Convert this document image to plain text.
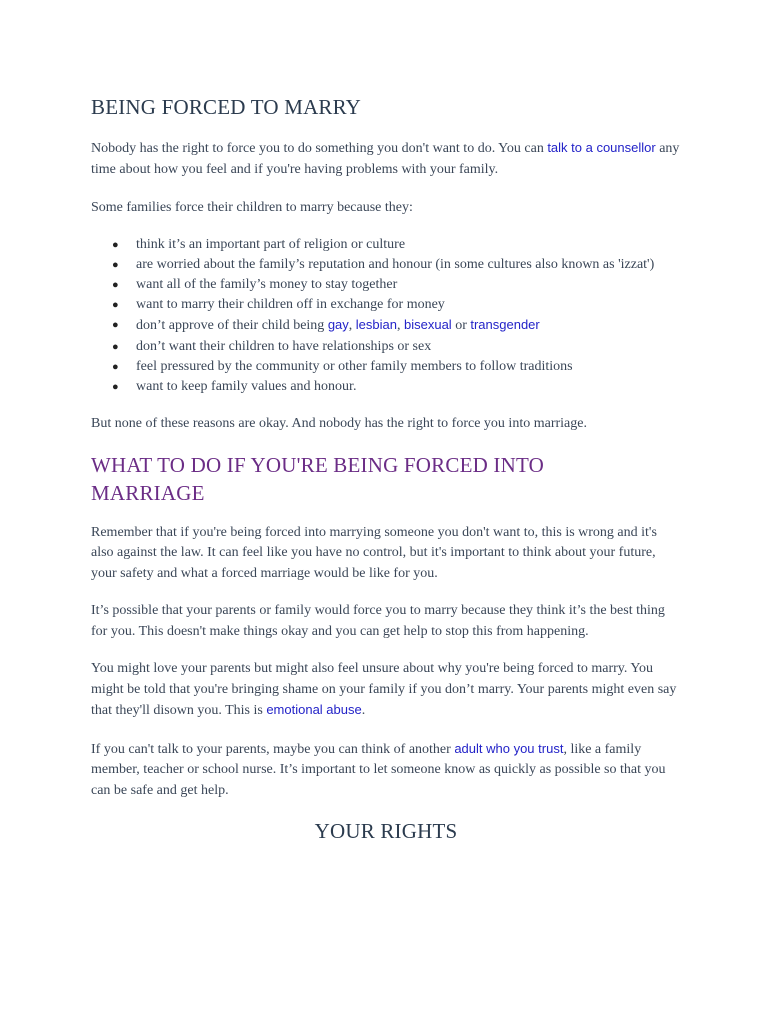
BEING FORCED TO MARRY

Nobody has the right to force you to do something you don't want to do. You can talk to a counsellor any time about how you feel and if you're having problems with your family.

Some families force their children to marry because they:

● think it’s an important part of religion or culture
● are worried about the family’s reputation and honour (in some cultures also known as 'izzat')
● want all of the family’s money to stay together
● want to marry their children off in exchange for money
● don’t approve of their child being gay, lesbian, bisexual or transgender
● don’t want their children to have relationships or sex
● feel pressured by the community or other family members to follow traditions
● want to keep family values and honour.

But none of these reasons are okay. And nobody has the right to force you into marriage.

WHAT TO DO IF YOU'RE BEING FORCED INTO MARRIAGE

Remember that if you're being forced into marrying someone you don't want to, this is wrong and it's also against the law. It can feel like you have no control, but it's important to think about your future, your safety and what a forced marriage would be like for you.

It’s possible that your parents or family would force you to marry because they think it’s the best thing for you. This doesn't make things okay and you can get help to stop this from happening.

You might love your parents but might also feel unsure about why you're being forced to marry. You might be told that you're bringing shame on your family if you don’t marry. Your parents might even say that they'll disown you. This is emotional abuse.

If you can't talk to your parents, maybe you can think of another adult who you trust, like a family member, teacher or school nurse. It’s important to let someone know as quickly as possible so that you can be safe and get help.

YOUR RIGHTS
